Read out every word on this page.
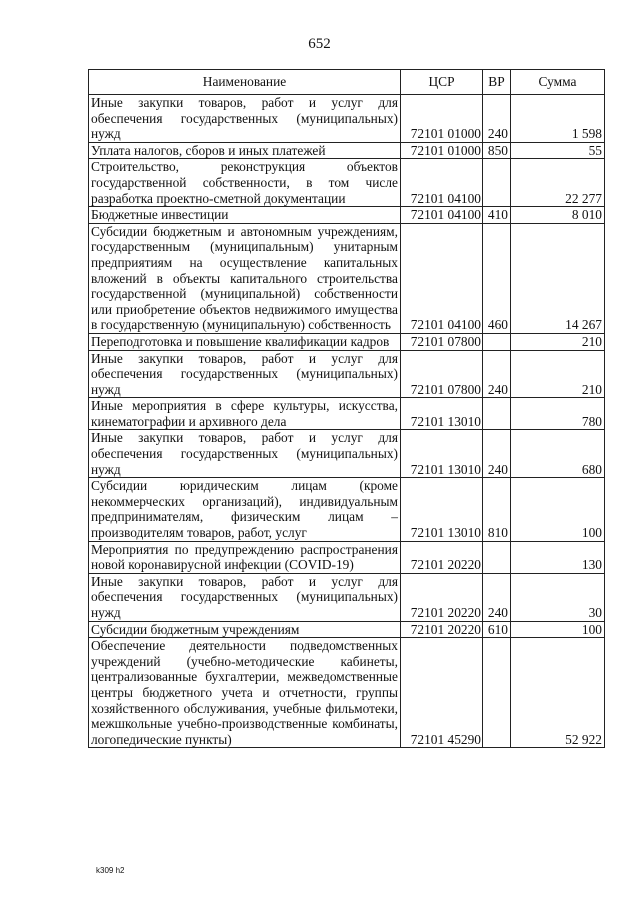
652
Наименование	ЦСР	ВР	Сумма
Иные закупки товаров, работ и услуг для обеспечения государственных (муниципальных) нужд	72101 01000	240	1 598
Уплата налогов, сборов и иных платежей	72101 01000	850	55
Строительство, реконструкция объектов государственной собственности, в том числе разработка проектно-сметной документации	72101 04100		22 277
Бюджетные инвестиции	72101 04100	410	8 010
Субсидии бюджетным и автономным учреждениям, государственным (муниципальным) унитарным предприятиям на осуществление капитальных вложений в объекты капитального строительства государственной (муниципальной) собственности или приобретение объектов недвижимого имущества в государственную (муниципальную) собственность	72101 04100	460	14 267
Переподготовка и повышение квалификации кадров	72101 07800		210
Иные закупки товаров, работ и услуг для обеспечения государственных (муниципальных) нужд	72101 07800	240	210
Иные мероприятия в сфере культуры, искусства, кинематографии и архивного дела	72101 13010		780
Иные закупки товаров, работ и услуг для обеспечения государственных (муниципальных) нужд	72101 13010	240	680
Субсидии юридическим лицам (кроме некоммерческих организаций), индивидуальным предпринимателям, физическим лицам – производителям товаров, работ, услуг	72101 13010	810	100
Мероприятия по предупреждению распространения новой коронавирусной инфекции (COVID-19)	72101 20220		130
Иные закупки товаров, работ и услуг для обеспечения государственных (муниципальных) нужд	72101 20220	240	30
Субсидии бюджетным учреждениям	72101 20220	610	100
Обеспечение деятельности подведомственных учреждений (учебно-методические кабинеты, централизованные бухгалтерии, межведомственные центры бюджетного учета и отчетности, группы хозяйственного обслуживания, учебные фильмотеки, межшкольные учебно-производственные комбинаты, логопедические пункты)	72101 45290		52 922
k309 h2
